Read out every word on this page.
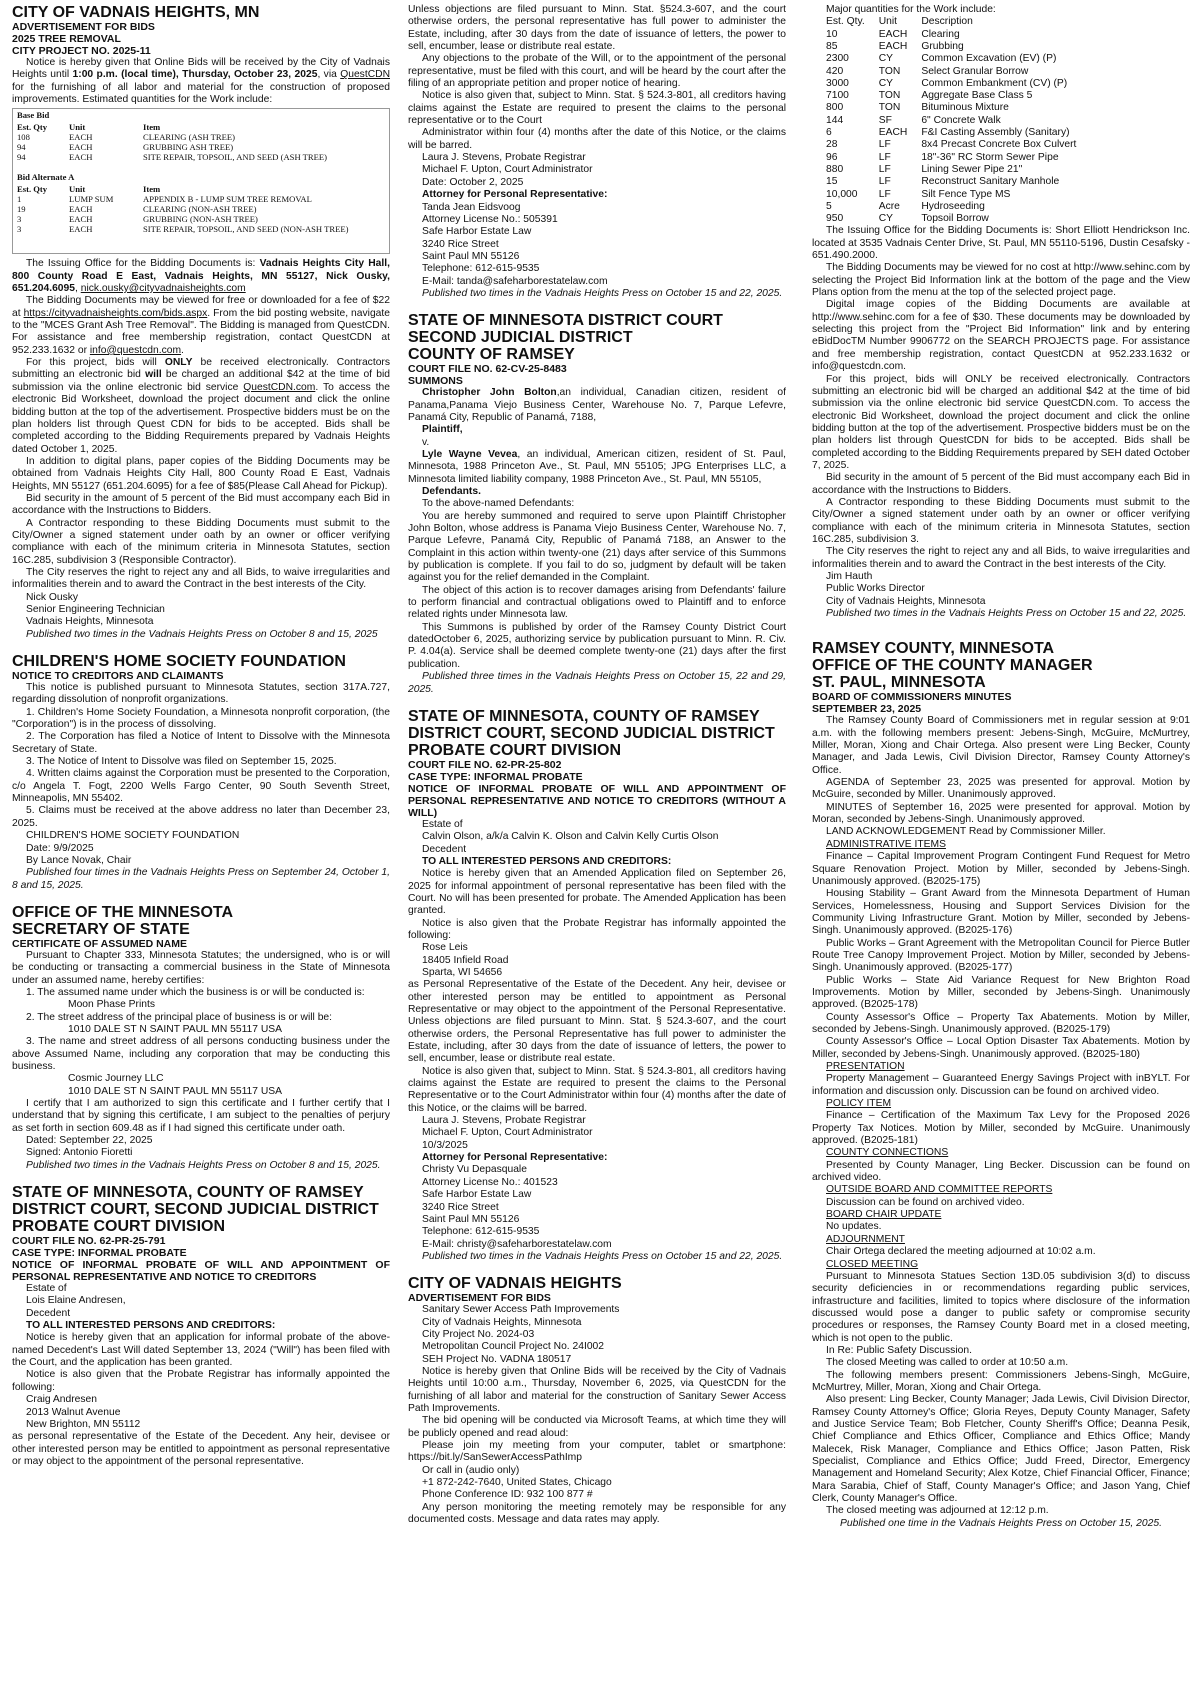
CITY OF VADNAIS HEIGHTS, MN

ADVERTISEMENT FOR BIDS

2025 TREE REMOVAL

CITY PROJECT NO. 2025-11

Notice is hereby given that Online Bids will be received by the City of Vadnais Heights until 1:00 p.m. (local time), Thursday, October 23, 2025, via QuestCDN for the furnishing of all labor and material for the construction of proposed improvements. Estimated quantities for the Work include:

Base Bid
Est. Qty	Unit	Item
108	EACH	CLEARING (ASH TREE)
94	EACH	GRUBBING ASH TREE)
94	EACH	SITE REPAIR, TOPSOIL, AND SEED (ASH TREE)
Bid Alternate A
Est. Qty	Unit	Item
1	LUMP SUM	APPENDIX B - LUMP SUM TREE REMOVAL
19	EACH	CLEARING (NON-ASH TREE)
3	EACH	GRUBBING (NON-ASH TREE)
3	EACH	SITE REPAIR, TOPSOIL, AND SEED (NON-ASH TREE)

The Issuing Office for the Bidding Documents is: Vadnais Heights City Hall, 800 County Road E East, Vadnais Heights, MN 55127, Nick Ousky, 651.204.6095, nick.ousky@cityvadnaisheights.com

The Bidding Documents may be viewed for free or downloaded for a fee of $22 at https://cityvadnaisheights.com/bids.aspx. From the bid posting website, navigate to the "MCES Grant Ash Tree Removal". The Bidding is managed from QuestCDN. For assistance and free membership registration, contact QuestCDN at 952.233.1632 or info@questcdn.com.

For this project, bids will ONLY be received electronically. Contractors submitting an electronic bid will be charged an additional $42 at the time of bid submission via the online electronic bid service QuestCDN.com. To access the electronic Bid Worksheet, download the project document and click the online bidding button at the top of the advertisement. Prospective bidders must be on the plan holders list through Quest CDN for bids to be accepted. Bids shall be completed according to the Bidding Requirements prepared by Vadnais Heights dated October 1, 2025.

In addition to digital plans, paper copies of the Bidding Documents may be obtained from Vadnais Heights City Hall, 800 County Road E East, Vadnais Heights, MN 55127 (651.204.6095) for a fee of $85(Please Call Ahead for Pickup).

Bid security in the amount of 5 percent of the Bid must accompany each Bid in accordance with the Instructions to Bidders.

A Contractor responding to these Bidding Documents must submit to the City/Owner a signed statement under oath by an owner or officer verifying compliance with each of the minimum criteria in Minnesota Statutes, section 16C.285, subdivision 3 (Responsible Contractor).

The City reserves the right to reject any and all Bids, to waive irregularities and informalities therein and to award the Contract in the best interests of the City.

Nick Ousky

Senior Engineering Technician

Vadnais Heights, Minnesota

Published two times in the Vadnais Heights Press on October 8 and 15, 2025

CHILDREN'S HOME SOCIETY FOUNDATION

NOTICE TO CREDITORS AND CLAIMANTS

This notice is published pursuant to Minnesota Statutes, section 317A.727, regarding dissolution of nonprofit organizations.

1. Children's Home Society Foundation, a Minnesota nonprofit corporation, (the "Corporation") is in the process of dissolving.

2. The Corporation has filed a Notice of Intent to Dissolve with the Minnesota Secretary of State.

3. The Notice of Intent to Dissolve was filed on September 15, 2025.

4. Written claims against the Corporation must be presented to the Corporation, c/o Angela T. Fogt, 2200 Wells Fargo Center, 90 South Seventh Street, Minneapolis, MN 55402.

5. Claims must be received at the above address no later than December 23, 2025.

CHILDREN'S HOME SOCIETY FOUNDATION

Date: 9/9/2025

By Lance Novak, Chair

Published four times in the Vadnais Heights Press on September 24, October 1, 8 and 15, 2025.

OFFICE OF THE MINNESOTA

SECRETARY OF STATE

CERTIFICATE OF ASSUMED NAME

Pursuant to Chapter 333, Minnesota Statutes; the undersigned, who is or will be conducting or transacting a commercial business in the State of Minnesota under an assumed name, hereby certifies:

1. The assumed name under which the business is or will be conducted is:

Moon Phase Prints

2. The street address of the principal place of business is or will be:

1010 DALE ST N SAINT PAUL MN 55117 USA

3. The name and street address of all persons conducting business under the above Assumed Name, including any corporation that may be conducting this business.

Cosmic Journey LLC

1010 DALE ST N SAINT PAUL MN 55117 USA

I certify that I am authorized to sign this certificate and I further certify that I understand that by signing this certificate, I am subject to the penalties of perjury as set forth in section 609.48 as if I had signed this certificate under oath.

Dated: September 22, 2025

Signed: Antonio Fioretti

Published two times in the Vadnais Heights Press on October 8 and 15, 2025.

STATE OF MINNESOTA, COUNTY OF RAMSEY

DISTRICT COURT, SECOND JUDICIAL DISTRICT

PROBATE COURT DIVISION

COURT FILE NO. 62-PR-25-791

CASE TYPE: INFORMAL PROBATE

NOTICE OF INFORMAL PROBATE OF WILL AND APPOINTMENT OF PERSONAL REPRESENTATIVE AND NOTICE TO CREDITORS

Estate of

Lois Elaine Andresen,

Decedent

TO ALL INTERESTED PERSONS AND CREDITORS:

Notice is hereby given that an application for informal probate of the above-named Decedent's Last Will dated September 13, 2024 ("Will") has been filed with the Court, and the application has been granted.

Notice is also given that the Probate Registrar has informally appointed the following:

Craig Andresen

2013 Walnut Avenue

New Brighton, MN 55112

as personal representative of the Estate of the Decedent. Any heir, devisee or other interested person may be entitled to appointment as personal representative or may object to the appointment of the personal representative.

Unless objections are filed pursuant to Minn. Stat. §524.3-607, and the court otherwise orders, the personal representative has full power to administer the Estate, including, after 30 days from the date of issuance of letters, the power to sell, encumber, lease or distribute real estate.

Any objections to the probate of the Will, or to the appointment of the personal representative, must be filed with this court, and will be heard by the court after the filing of an appropriate petition and proper notice of hearing.

Notice is also given that, subject to Minn. Stat. § 524.3-801, all creditors having claims against the Estate are required to present the claims to the personal representative or to the Court

Administrator within four (4) months after the date of this Notice, or the claims will be barred.

Laura J. Stevens, Probate Registrar

Michael F. Upton, Court Administrator

Date: October 2, 2025

Attorney for Personal Representative:

Tanda Jean Eidsvoog

Attorney License No.: 505391

Safe Harbor Estate Law

3240 Rice Street

Saint Paul MN 55126

Telephone: 612-615-9535

E-Mail: tanda@safeharborestatelaw.com

Published two times in the Vadnais Heights Press on October 15 and 22, 2025.

STATE OF MINNESOTA DISTRICT COURT

SECOND JUDICIAL DISTRICT

COUNTY OF RAMSEY

COURT FILE NO. 62-CV-25-8483

SUMMONS

Christopher John Bolton,an individual, Canadian citizen, resident of Panama,Panama Viejo Business Center, Warehouse No. 7, Parque Lefevre, Panamá City, Republic of Panamá, 7188,

Plaintiff,

v.

Lyle Wayne Vevea, an individual, American citizen, resident of St. Paul, Minnesota, 1988 Princeton Ave., St. Paul, MN 55105; JPG Enterprises LLC, a Minnesota limited liability company, 1988 Princeton Ave., St. Paul, MN 55105,

Defendants.

To the above-named Defendants:

You are hereby summoned and required to serve upon Plaintiff Christopher John Bolton, whose address is Panama Viejo Business Center, Warehouse No. 7, Parque Lefevre, Panamá City, Republic of Panamá 7188, an Answer to the Complaint in this action within twenty-one (21) days after service of this Summons by publication is complete. If you fail to do so, judgment by default will be taken against you for the relief demanded in the Complaint.

The object of this action is to recover damages arising from Defendants' failure to perform financial and contractual obligations owed to Plaintiff and to enforce related rights under Minnesota law.

This Summons is published by order of the Ramsey County District Court datedOctober 6, 2025, authorizing service by publication pursuant to Minn. R. Civ. P. 4.04(a). Service shall be deemed complete twenty-one (21) days after the first publication.

Published three times in the Vadnais Heights Press on October 15, 22 and 29, 2025.

STATE OF MINNESOTA, COUNTY OF RAMSEY

DISTRICT COURT, SECOND JUDICIAL DISTRICT

PROBATE COURT DIVISION

COURT FILE NO. 62-PR-25-802

CASE TYPE: INFORMAL PROBATE

NOTICE OF INFORMAL PROBATE OF WILL AND APPOINTMENT OF PERSONAL REPRESENTATIVE AND NOTICE TO CREDITORS (WITHOUT A WILL)

Estate of

Calvin Olson, a/k/a Calvin K. Olson and Calvin Kelly Curtis Olson

Decedent

TO ALL INTERESTED PERSONS AND CREDITORS:

Notice is hereby given that an Amended Application filed on September 26, 2025 for informal appointment of personal representative has been filed with the Court. No will has been presented for probate. The Amended Application has been granted.

Notice is also given that the Probate Registrar has informally appointed the following:

Rose Leis

18405 Infield Road

Sparta, WI 54656

as Personal Representative of the Estate of the Decedent. Any heir, devisee or other interested person may be entitled to appointment as Personal Representative or may object to the appointment of the Personal Representative. Unless objections are filed pursuant to Minn. Stat. § 524.3-607, and the court otherwise orders, the Personal Representative has full power to administer the Estate, including, after 30 days from the date of issuance of letters, the power to sell, encumber, lease or distribute real estate.

Notice is also given that, subject to Minn. Stat. § 524.3-801, all creditors having claims against the Estate are required to present the claims to the Personal Representative or to the Court Administrator within four (4) months after the date of this Notice, or the claims will be barred.

Laura J. Stevens, Probate Registrar

Michael F. Upton, Court Administrator

10/3/2025

Attorney for Personal Representative:

Christy Vu Depasquale

Attorney License No.: 401523

Safe Harbor Estate Law

3240 Rice Street

Saint Paul MN 55126

Telephone: 612-615-9535

E-Mail: christy@safeharborestatelaw.com

Published two times in the Vadnais Heights Press on October 15 and 22, 2025.

CITY OF VADNAIS HEIGHTS

ADVERTISEMENT FOR BIDS

Sanitary Sewer Access Path Improvements

City of Vadnais Heights, Minnesota

City Project No. 2024-03

Metropolitan Council Project No. 24I002

SEH Project No. VADNA 180517

Notice is hereby given that Online Bids will be received by the City of Vadnais Heights until 10:00 a.m., Thursday, November 6, 2025, via QuestCDN for the furnishing of all labor and material for the construction of Sanitary Sewer Access Path Improvements.

The bid opening will be conducted via Microsoft Teams, at which time they will be publicly opened and read aloud:

Please join my meeting from your computer, tablet or smartphone: https://bit.ly/SanSewerAccessPathImp

Or call in (audio only)

+1 872-242-7640, United States, Chicago

Phone Conference ID: 932 100 877 #

Any person monitoring the meeting remotely may be responsible for any documented costs. Message and data rates may apply.

Major quantities for the Work include:

Est. Qty.	Unit	Description
10	EACH	Clearing
85	EACH	Grubbing
2300	CY	Common Excavation (EV) (P)
420	TON	Select Granular Borrow
3000	CY	Common Embankment (CV) (P)
7100	TON	Aggregate Base Class 5
800	TON	Bituminous Mixture
144	SF	6" Concrete Walk
6	EACH	F&I Casting Assembly (Sanitary)
28	LF	8x4 Precast Concrete Box Culvert
96	LF	18"-36" RC Storm Sewer Pipe
880	LF	Lining Sewer Pipe 21"
15	LF	Reconstruct Sanitary Manhole
10,000	LF	Silt Fence Type MS
5	Acre	Hydroseeding
950	CY	Topsoil Borrow

The Issuing Office for the Bidding Documents is: Short Elliott Hendrickson Inc. located at 3535 Vadnais Center Drive, St. Paul, MN 55110-5196, Dustin Cesafsky - 651.490.2000.

The Bidding Documents may be viewed for no cost at http://www.sehinc.com by selecting the Project Bid Information link at the bottom of the page and the View Plans option from the menu at the top of the selected project page.

Digital image copies of the Bidding Documents are available at http://www.sehinc.com for a fee of $30. These documents may be downloaded by selecting this project from the "Project Bid Information" link and by entering eBidDocTM Number 9906772 on the SEARCH PROJECTS page. For assistance and free membership registration, contact QuestCDN at 952.233.1632 or info@questcdn.com.

For this project, bids will ONLY be received electronically. Contractors submitting an electronic bid will be charged an additional $42 at the time of bid submission via the online electronic bid service QuestCDN.com. To access the electronic Bid Worksheet, download the project document and click the online bidding button at the top of the advertisement. Prospective bidders must be on the plan holders list through QuestCDN for bids to be accepted. Bids shall be completed according to the Bidding Requirements prepared by SEH dated October 7, 2025.

Bid security in the amount of 5 percent of the Bid must accompany each Bid in accordance with the Instructions to Bidders.

A Contractor responding to these Bidding Documents must submit to the City/Owner a signed statement under oath by an owner or officer verifying compliance with each of the minimum criteria in Minnesota Statutes, section 16C.285, subdivision 3.

The City reserves the right to reject any and all Bids, to waive irregularities and informalities therein and to award the Contract in the best interests of the City.

Jim Hauth

Public Works Director

City of Vadnais Heights, Minnesota

Published two times in the Vadnais Heights Press on October 15 and 22, 2025.

RAMSEY COUNTY, MINNESOTA

OFFICE OF THE COUNTY MANAGER

ST. PAUL, MINNESOTA

BOARD OF COMMISSIONERS MINUTES

SEPTEMBER 23, 2025

The Ramsey County Board of Commissioners met in regular session at 9:01 a.m. with the following members present: Jebens-Singh, McGuire, McMurtrey, Miller, Moran, Xiong and Chair Ortega. Also present were Ling Becker, County Manager, and Jada Lewis, Civil Division Director, Ramsey County Attorney's Office.

AGENDA of September 23, 2025 was presented for approval. Motion by McGuire, seconded by Miller. Unanimously approved.

MINUTES of September 16, 2025 were presented for approval. Motion by Moran, seconded by Jebens-Singh. Unanimously approved.

LAND ACKNOWLEDGEMENT Read by Commissioner Miller.

ADMINISTRATIVE ITEMS

Finance – Capital Improvement Program Contingent Fund Request for Metro Square Renovation Project. Motion by Miller, seconded by Jebens-Singh. Unanimously approved. (B2025-175)

Housing Stability – Grant Award from the Minnesota Department of Human Services, Homelessness, Housing and Support Services Division for the Community Living Infrastructure Grant. Motion by Miller, seconded by Jebens-Singh. Unanimously approved. (B2025-176)

Public Works – Grant Agreement with the Metropolitan Council for Pierce Butler Route Tree Canopy Improvement Project. Motion by Miller, seconded by Jebens-Singh. Unanimously approved. (B2025-177)

Public Works – State Aid Variance Request for New Brighton Road Improvements. Motion by Miller, seconded by Jebens-Singh. Unanimously approved. (B2025-178)

County Assessor's Office – Property Tax Abatements. Motion by Miller, seconded by Jebens-Singh. Unanimously approved. (B2025-179)

County Assessor's Office – Local Option Disaster Tax Abatements. Motion by Miller, seconded by Jebens-Singh. Unanimously approved. (B2025-180)

PRESENTATION

Property Management – Guaranteed Energy Savings Project with inBYLT. For information and discussion only. Discussion can be found on archived video.

POLICY ITEM

Finance – Certification of the Maximum Tax Levy for the Proposed 2026 Property Tax Notices. Motion by Miller, seconded by McGuire. Unanimously approved. (B2025-181)

COUNTY CONNECTIONS

Presented by County Manager, Ling Becker. Discussion can be found on archived video.

OUTSIDE BOARD AND COMMITTEE REPORTS

Discussion can be found on archived video.

BOARD CHAIR UPDATE

No updates.

ADJOURNMENT

Chair Ortega declared the meeting adjourned at 10:02 a.m.

CLOSED MEETING

Pursuant to Minnesota Statues Section 13D.05 subdivision 3(d) to discuss security deficiencies in or recommendations regarding public services, infrastructure and facilities, limited to topics where disclosure of the information discussed would pose a danger to public safety or compromise security procedures or responses, the Ramsey County Board met in a closed meeting, which is not open to the public.

In Re: Public Safety Discussion.

The closed Meeting was called to order at 10:50 a.m.

The following members present: Commissioners Jebens-Singh, McGuire, McMurtrey, Miller, Moran, Xiong and Chair Ortega.

Also present: Ling Becker, County Manager; Jada Lewis, Civil Division Director, Ramsey County Attorney's Office; Gloria Reyes, Deputy County Manager, Safety and Justice Service Team; Bob Fletcher, County Sheriff's Office; Deanna Pesik, Chief Compliance and Ethics Officer, Compliance and Ethics Office; Mandy Malecek, Risk Manager, Compliance and Ethics Office; Jason Patten, Risk Specialist, Compliance and Ethics Office; Judd Freed, Director, Emergency Management and Homeland Security; Alex Kotze, Chief Financial Officer, Finance; Mara Sarabia, Chief of Staff, County Manager's Office; and Jason Yang, Chief Clerk, County Manager's Office.

The closed meeting was adjourned at 12:12 p.m.

Published one time in the Vadnais Heights Press on October 15, 2025.
